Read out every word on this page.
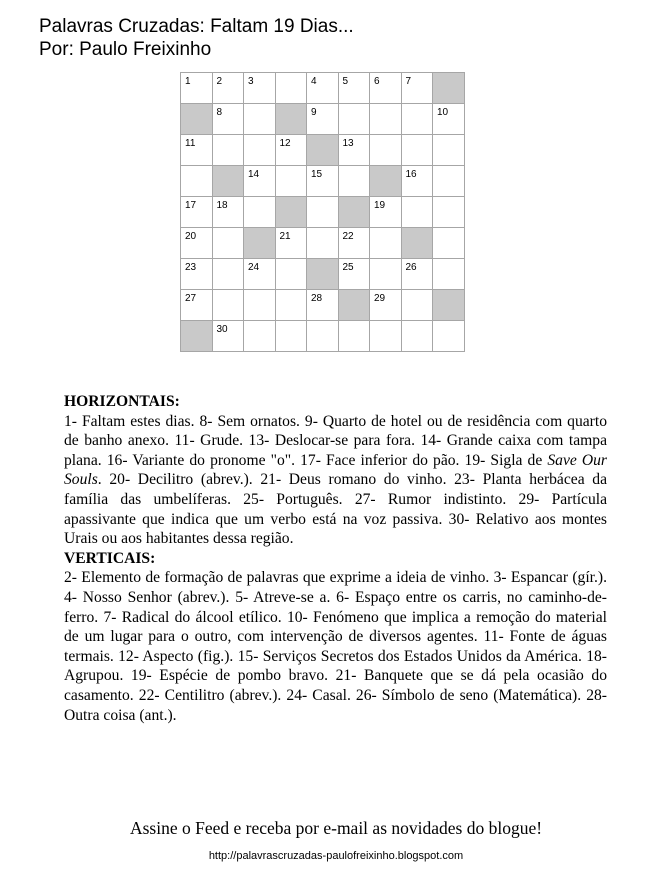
Palavras Cruzadas: Faltam 19 Dias...
Por: Paulo Freixinho
1	2	3		4	5	6	7	

	8			9				10

11			12		13			

		14		15			16	

17	18					19		

20			21		22			

23		24			25		26	

27				28		29		

	30							

HORIZONTAIS:

1- Faltam estes dias. 8- Sem ornatos. 9- Quarto de hotel ou de residência com quarto de banho anexo. 11- Grude. 13- Deslocar-se para fora. 14- Grande caixa com tampa plana. 16- Variante do pronome "o". 17- Face inferior do pão. 19- Sigla de Save Our Souls. 20- Decilitro (abrev.). 21- Deus romano do vinho. 23- Planta herbácea da família das umbelíferas. 25- Português. 27- Rumor indistinto. 29- Partícula apassivante que indica que um verbo está na voz passiva. 30- Relativo aos montes Urais ou aos habitantes dessa região.

VERTICAIS:

2- Elemento de formação de palavras que exprime a ideia de vinho. 3- Espancar (gír.). 4- Nosso Senhor (abrev.). 5- Atreve-se a. 6- Espaço entre os carris, no caminho-de-ferro. 7- Radical do álcool etílico. 10- Fenómeno que implica a remoção do material de um lugar para o outro, com intervenção de diversos agentes. 11- Fonte de águas termais. 12- Aspecto (fig.). 15- Serviços Secretos dos Estados Unidos da América. 18- Agrupou. 19- Espécie de pombo bravo. 21- Banquete que se dá pela ocasião do casamento. 22- Centilitro (abrev.). 24- Casal. 26- Símbolo de seno (Matemática). 28- Outra coisa (ant.).

Assine o Feed e receba por e-mail as novidades do blogue!
http://palavrascruzadas-paulofreixinho.blogspot.com
